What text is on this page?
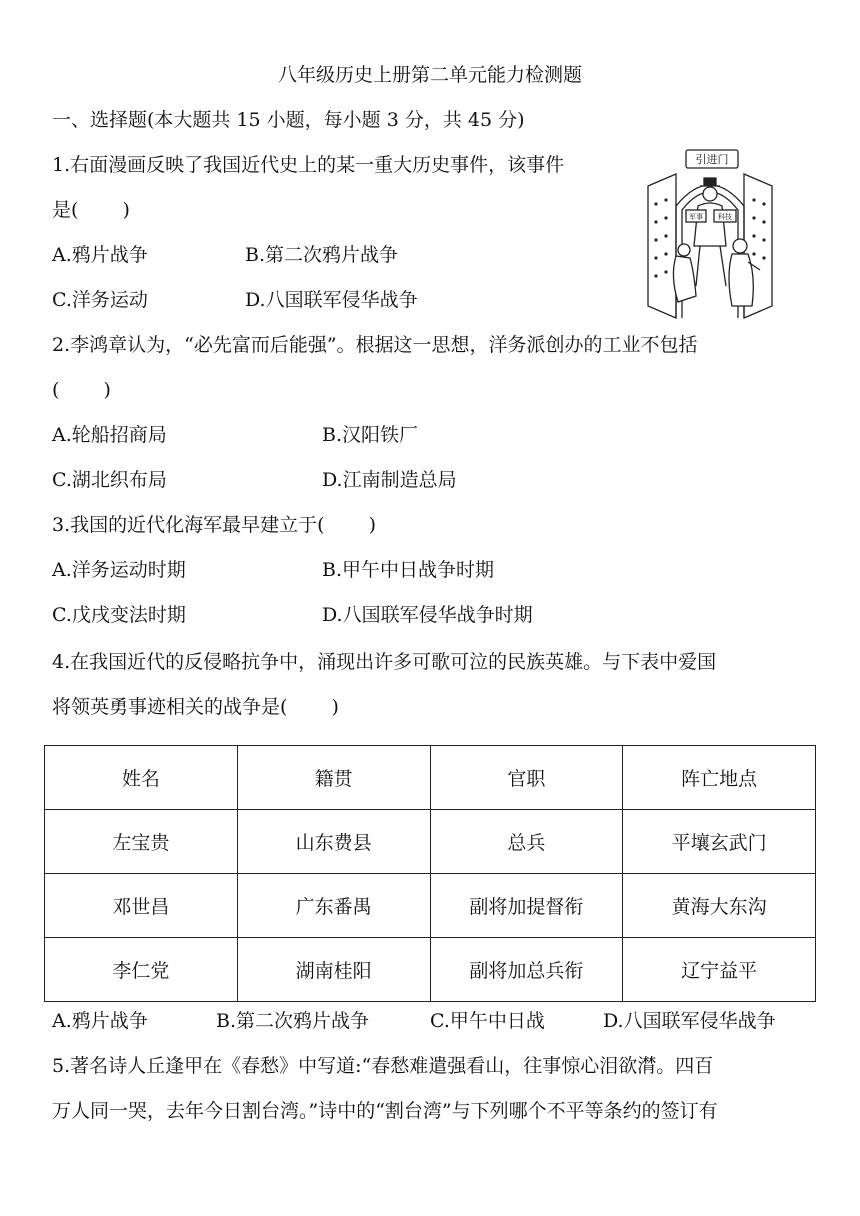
八年级历史上册第二单元能力检测题
一、选择题(本大题共 15 小题，每小题 3 分，共 45 分)
1.右面漫画反映了我国近代史上的某一重大历史事件，该事件
是(　　 )
A.鸦片战争	B.第二次鸦片战争
C.洋务运动	D.八国联军侵华战争
引进门
军事 科技
2.李鸿章认为，“必先富而后能强”。根据这一思想，洋务派创办的工业不包括
(　　 )
A.轮船招商局	B.汉阳铁厂
C.湖北织布局	D.江南制造总局
3.我国的近代化海军最早建立于(　　 )
A.洋务运动时期	B.甲午中日战争时期
C.戊戌变法时期	D.八国联军侵华战争时期
4.在我国近代的反侵略抗争中，涌现出许多可歌可泣的民族英雄。与下表中爱国
将领英勇事迹相关的战争是(　　 )
姓名	籍贯	官职	阵亡地点
左宝贵	山东费县	总兵	平壤玄武门
邓世昌	广东番禺	副将加提督衔	黄海大东沟
李仁党	湖南桂阳	副将加总兵衔	辽宁益平
A.鸦片战争	B.第二次鸦片战争	C.甲午中日战	D.八国联军侵华战争
5.著名诗人丘逢甲在《春愁》中写道:“春愁难遣强看山，往事惊心泪欲潸。四百
万人同一哭，去年今日割台湾。”诗中的“割台湾”与下列哪个不平等条约的签订有
